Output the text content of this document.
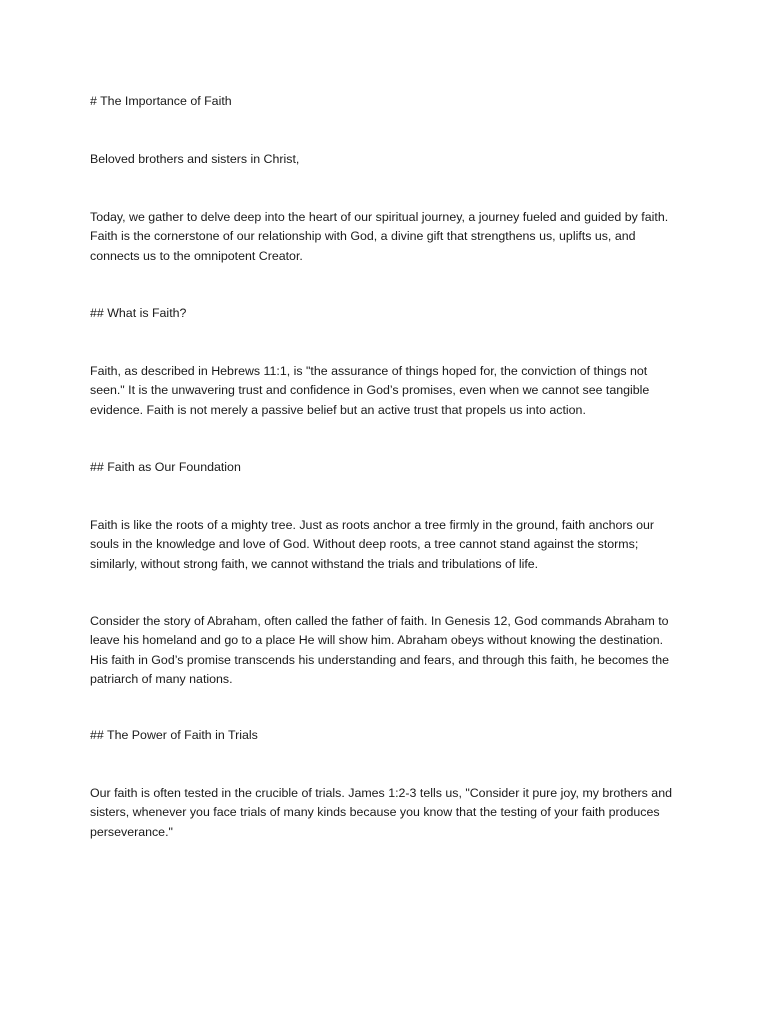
# The Importance of Faith

Beloved brothers and sisters in Christ,

Today, we gather to delve deep into the heart of our spiritual journey, a journey fueled and guided by faith. Faith is the cornerstone of our relationship with God, a divine gift that strengthens us, uplifts us, and connects us to the omnipotent Creator.

## What is Faith?

Faith, as described in Hebrews 11:1, is "the assurance of things hoped for, the conviction of things not seen." It is the unwavering trust and confidence in God’s promises, even when we cannot see tangible evidence. Faith is not merely a passive belief but an active trust that propels us into action.

## Faith as Our Foundation

Faith is like the roots of a mighty tree. Just as roots anchor a tree firmly in the ground, faith anchors our souls in the knowledge and love of God. Without deep roots, a tree cannot stand against the storms; similarly, without strong faith, we cannot withstand the trials and tribulations of life.

Consider the story of Abraham, often called the father of faith. In Genesis 12, God commands Abraham to leave his homeland and go to a place He will show him. Abraham obeys without knowing the destination. His faith in God’s promise transcends his understanding and fears, and through this faith, he becomes the patriarch of many nations.

## The Power of Faith in Trials

Our faith is often tested in the crucible of trials. James 1:2-3 tells us, "Consider it pure joy, my brothers and sisters, whenever you face trials of many kinds because you know that the testing of your faith produces perseverance."
